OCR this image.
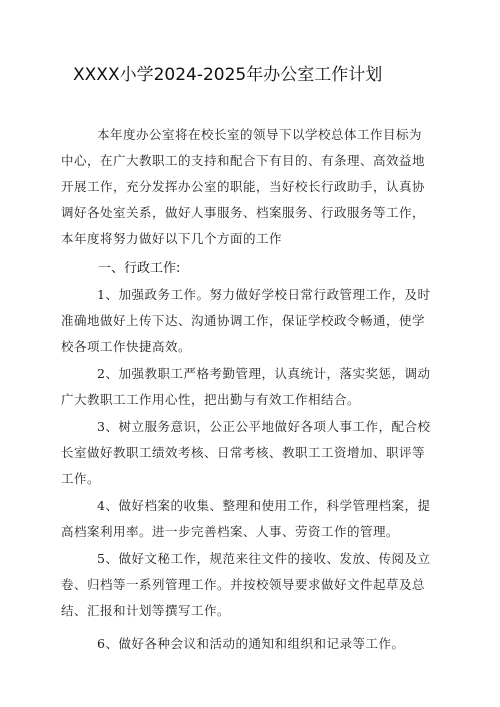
XXXX小学2024-2025年办公室工作计划
本年度办公室将在校长室的领导下以学校总体工作目标为
中心，在广大教职工的支持和配合下有目的、有条理、高效益地
开展工作，充分发挥办公室的职能，当好校长行政助手，认真协
调好各处室关系，做好人事服务、档案服务、行政服务等工作，
本年度将努力做好以下几个方面的工作
一、行政工作:
1、加强政务工作。努力做好学校日常行政管理工作，及时
准确地做好上传下达、沟通协调工作，保证学校政令畅通，使学
校各项工作快捷高效。
2、加强教职工严格考勤管理，认真统计，落实奖惩，调动
广大教职工工作用心性，把出勤与有效工作相结合。
3、树立服务意识，公正公平地做好各项人事工作，配合校
长室做好教职工绩效考核、日常考核、教职工工资增加、职评等
工作。
4、做好档案的收集、整理和使用工作，科学管理档案，提
高档案利用率。进一步完善档案、人事、劳资工作的管理。
5、做好文秘工作，规范来往文件的接收、发放、传阅及立
卷、归档等一系列管理工作。并按校领导要求做好文件起草及总
结、汇报和计划等撰写工作。
6、做好各种会议和活动的通知和组织和记录等工作。
